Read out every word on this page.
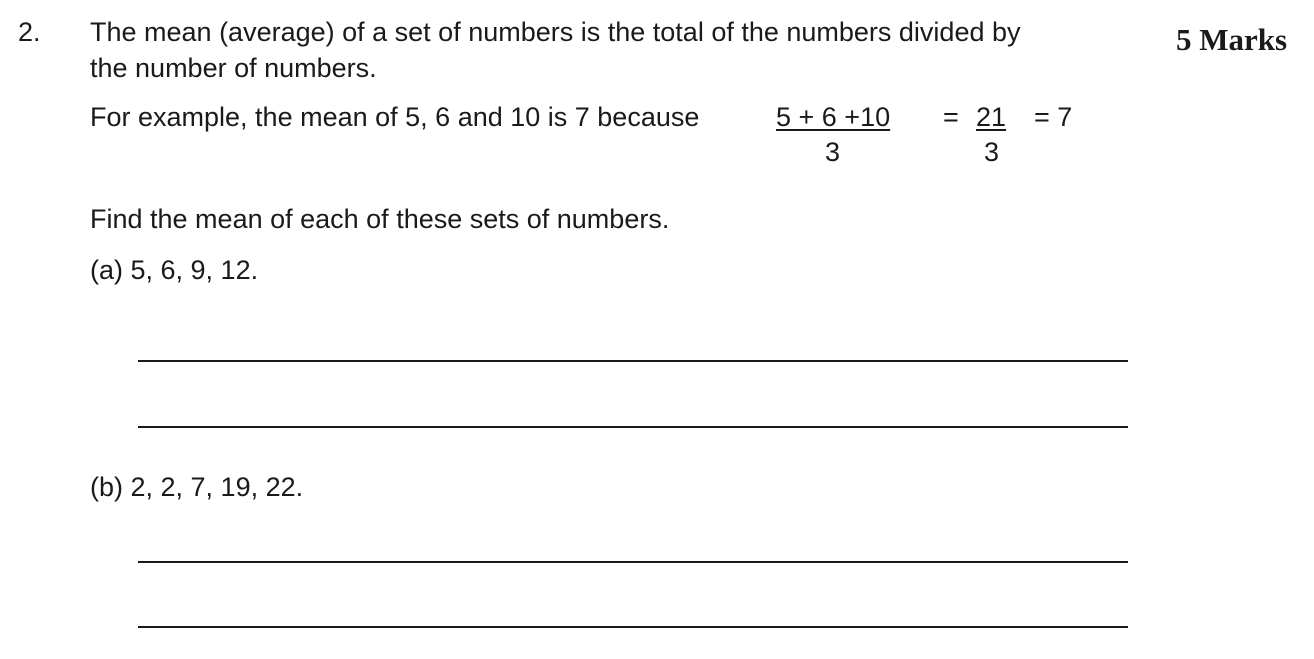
2.	5 Marks
The mean (average) of a set of numbers is the total of the numbers divided by
the number of numbers.
For example, the mean of 5, 6 and 10 is 7 because	5 + 6 +10
3
= 21
3
= 7
Find the mean of each of these sets of numbers.
(a) 5, 6, 9, 12.
(b) 2, 2, 7, 19, 22.
